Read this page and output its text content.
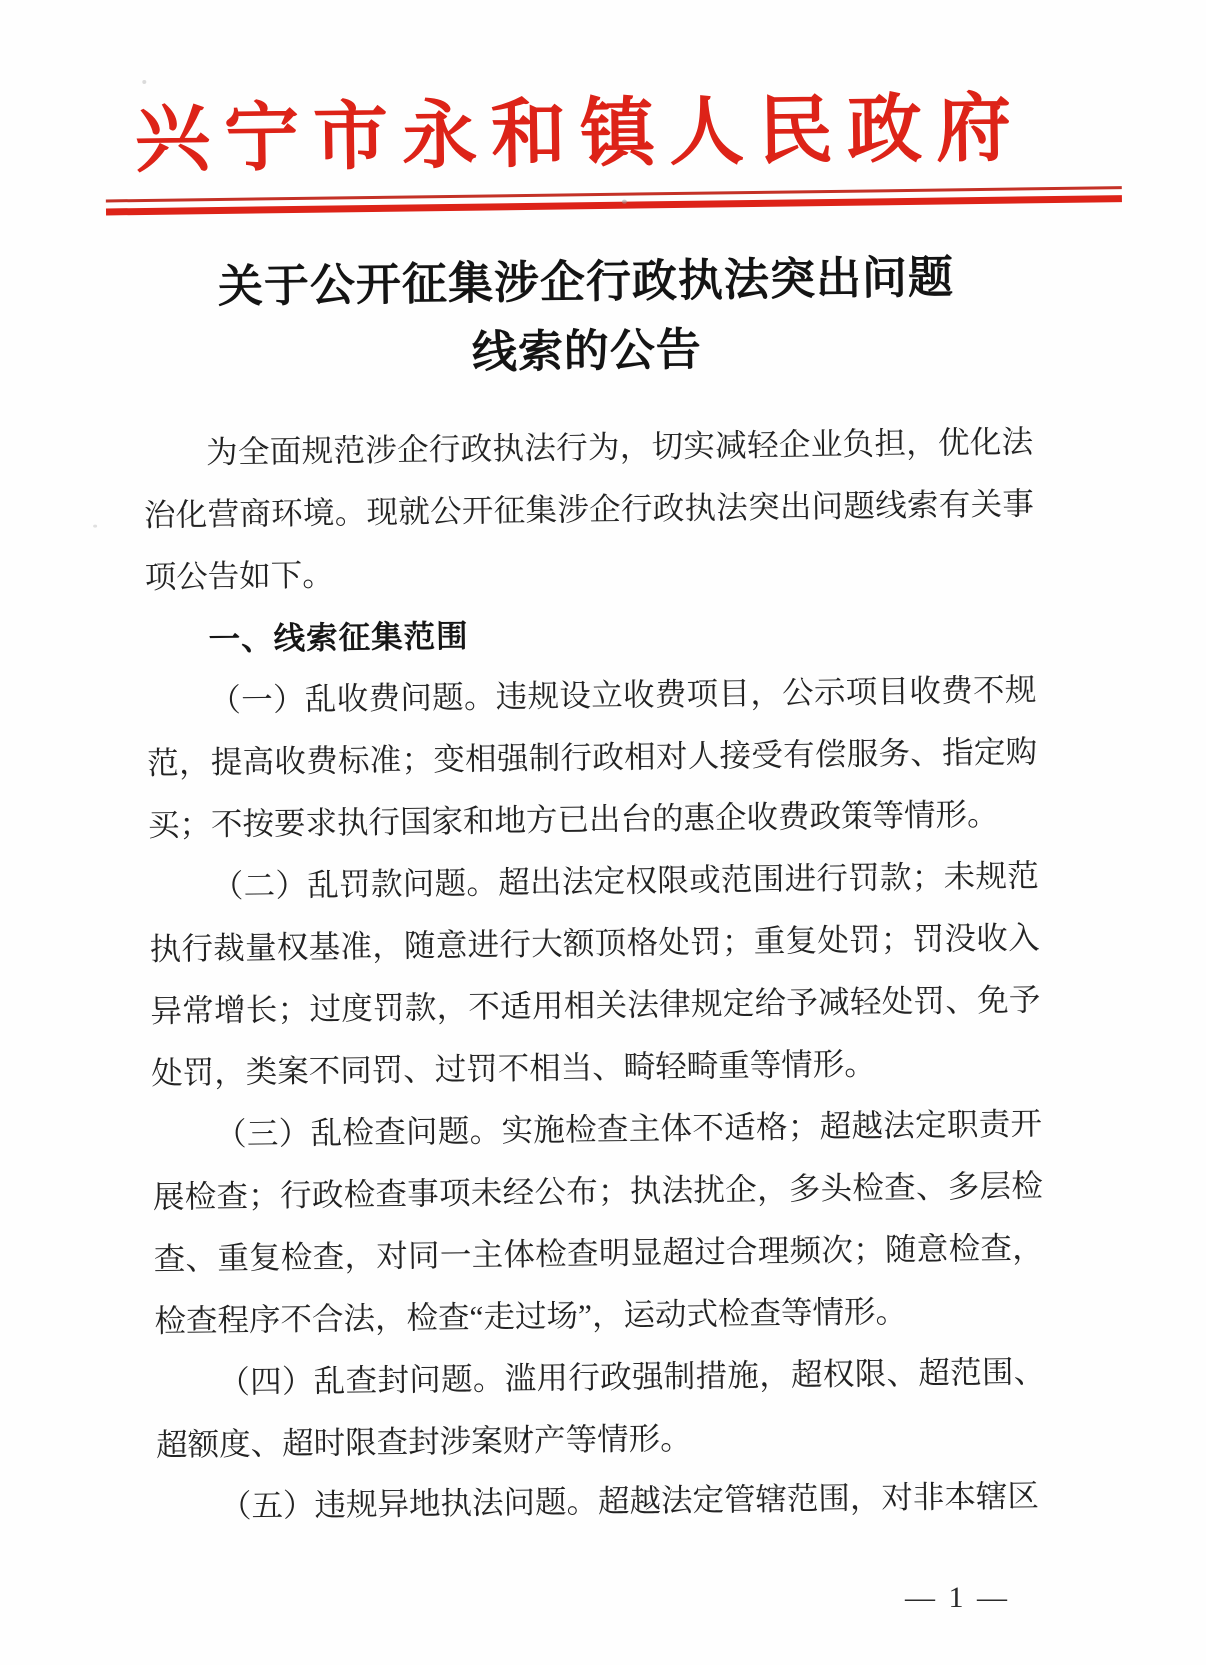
兴宁市永和镇人民政府
关于公开征集涉企行政执法突出问题
线索的公告

为全面规范涉企行政执法行为，切实减轻企业负担，优化法治化营商环境。现就公开征集涉企行政执法突出问题线索有关事项公告如下。

一、线索征集范围

（一）乱收费问题。违规设立收费项目，公示项目收费不规范，提高收费标准；变相强制行政相对人接受有偿服务、指定购买；不按要求执行国家和地方已出台的惠企收费政策等情形。

（二）乱罚款问题。超出法定权限或范围进行罚款；未规范执行裁量权基准，随意进行大额顶格处罚；重复处罚；罚没收入异常增长；过度罚款，不适用相关法律规定给予减轻处罚、免予处罚，类案不同罚、过罚不相当、畸轻畸重等情形。

（三）乱检查问题。实施检查主体不适格；超越法定职责开展检查；行政检查事项未经公布；执法扰企，多头检查、多层检查、重复检查，对同一主体检查明显超过合理频次；随意检查，检查程序不合法，检查“走过场”，运动式检查等情形。

（四）乱查封问题。滥用行政强制措施，超权限、超范围、超额度、超时限查封涉案财产等情形。

（五）违规异地执法问题。超越法定管辖范围，对非本辖区

— 1 —
